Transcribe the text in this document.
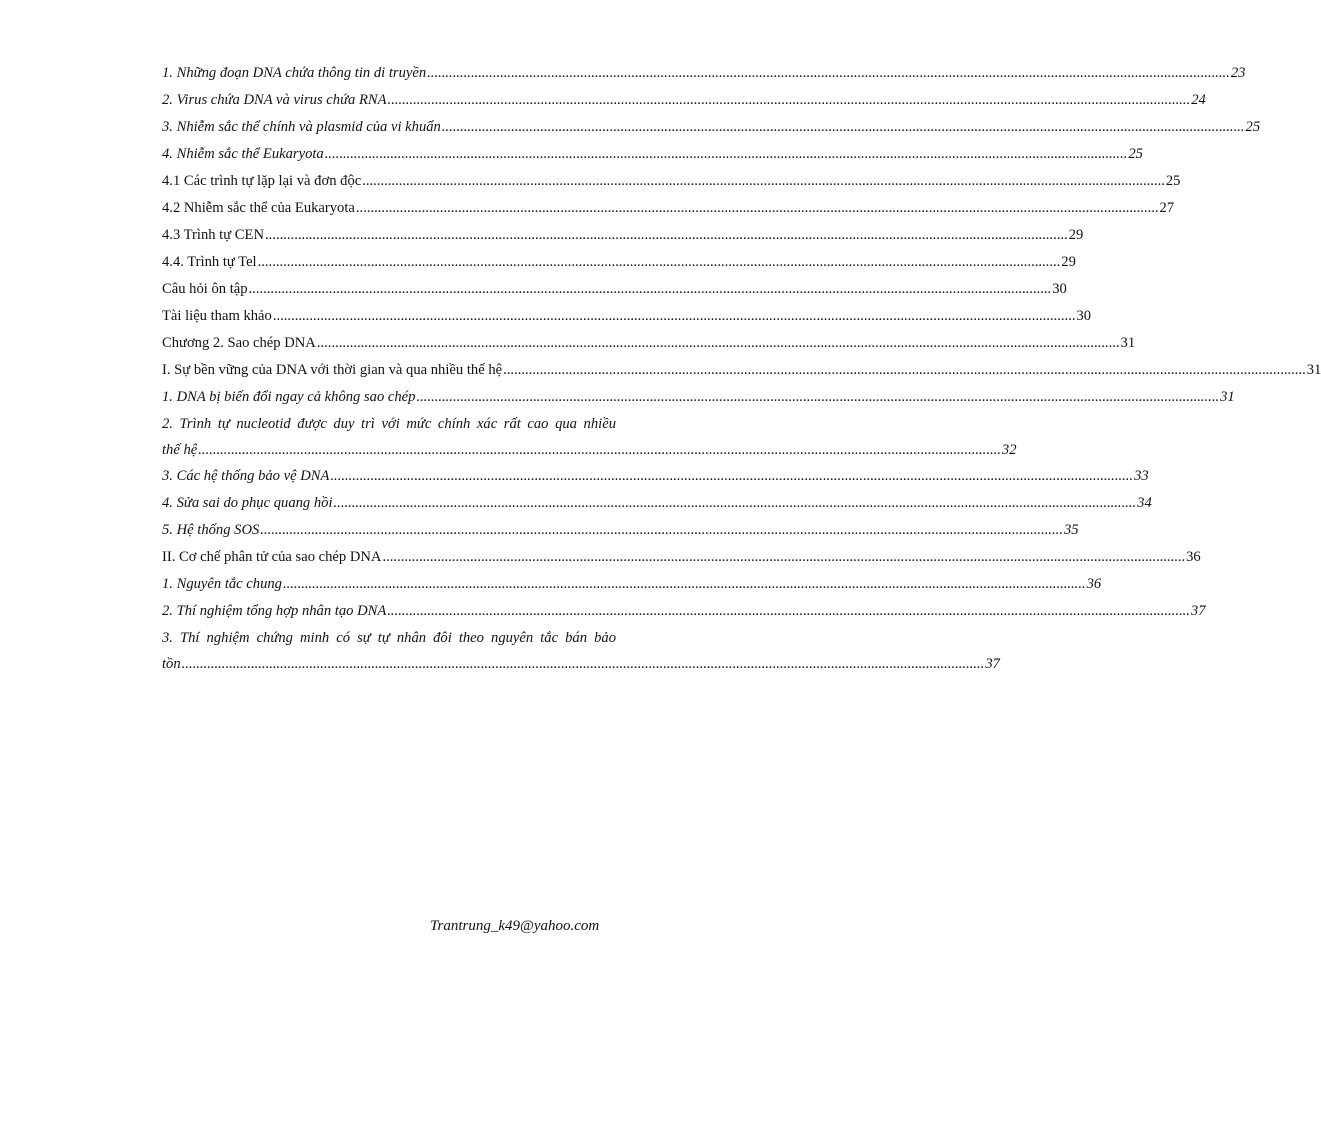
1. Những đoạn DNA chứa thông tin di truyền ............................................................................................................................................................................................................................ 23
2. Virus chứa DNA và virus chứa RNA ............................................................................................................................................................................................................................ 24
3. Nhiễm sắc thể chính và plasmid của vi khuẩn ............................................................................................................................................................................................................................ 25
4. Nhiễm sắc thể Eukaryota ............................................................................................................................................................................................................................ 25
4.1 Các trình tự lặp lại và đơn độc ............................................................................................................................................................................................................................ 25
4.2 Nhiễm sắc thể của Eukaryota ............................................................................................................................................................................................................................ 27
4.3 Trình tự CEN ............................................................................................................................................................................................................................ 29
4.4. Trình tự Tel ............................................................................................................................................................................................................................ 29
Câu hỏi ôn tập ............................................................................................................................................................................................................................ 30
Tài liệu tham khảo ............................................................................................................................................................................................................................ 30
Chương 2. Sao chép DNA ............................................................................................................................................................................................................................ 31
I. Sự bền vững của DNA với thời gian và qua nhiều thế hệ ............................................................................................................................................................................................................................ 31
1. DNA bị biến đổi ngay cả không sao chép ............................................................................................................................................................................................................................ 31
2. Trình tự nucleotid được duy trì với mức chính xác rất cao qua nhiều
thế hệ ............................................................................................................................................................................................................................ 32
3. Các hệ thống bảo vệ DNA ............................................................................................................................................................................................................................ 33
4. Sửa sai do phục quang hồi ............................................................................................................................................................................................................................ 34
5. Hệ thống SOS ............................................................................................................................................................................................................................ 35
II. Cơ chế phân tử của sao chép DNA ............................................................................................................................................................................................................................ 36
1. Nguyên tắc chung ............................................................................................................................................................................................................................ 36
2. Thí nghiệm tổng hợp nhân tạo DNA ............................................................................................................................................................................................................................ 37
3. Thí nghiệm chứng minh có sự tự nhân đôi theo nguyên tắc bán bảo
tồn ............................................................................................................................................................................................................................ 37
Trantrung_k49@yahoo.com
